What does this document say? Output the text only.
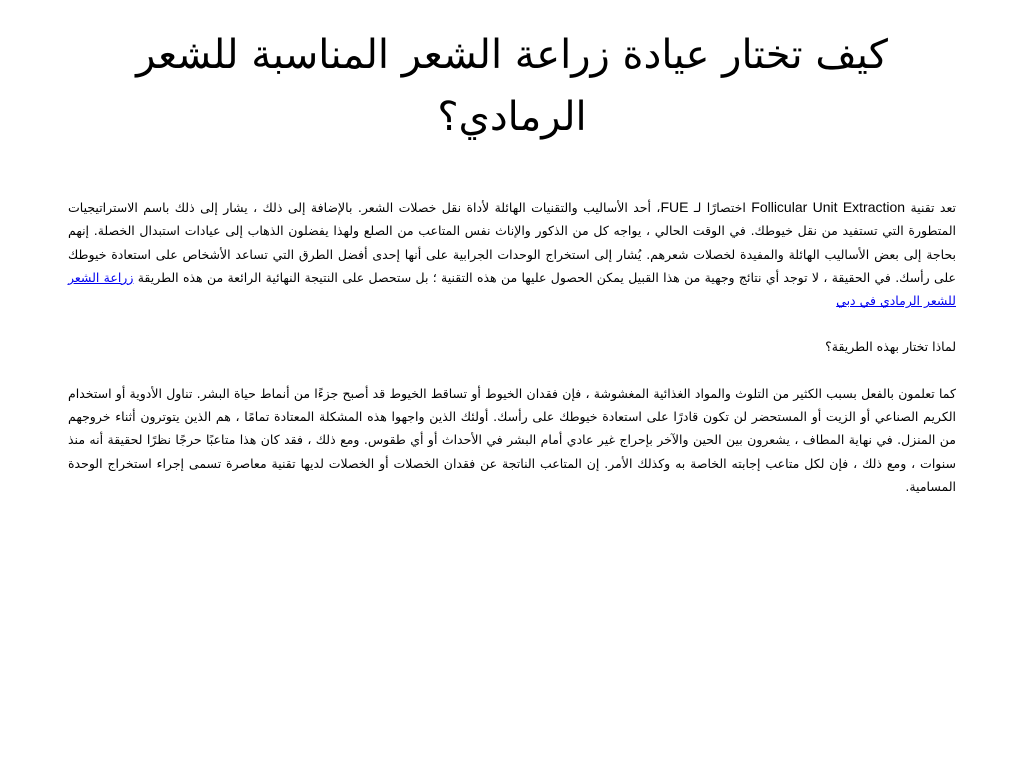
كيف تختار عيادة زراعة الشعر المناسبة للشعر
الرمادي؟

تعد تقنية Follicular Unit Extraction اختصارًا لـ FUE، أحد الأساليب والتقنيات الهائلة لأداة نقل خصلات الشعر. بالإضافة إلى ذلك ، يشار إلى ذلك باسم الاستراتيجيات المتطورة التي تستفيد من نقل خيوطك. في الوقت الحالي ، يواجه كل من الذكور والإناث نفس المتاعب من الصلع ولهذا يفضلون الذهاب إلى عيادات استبدال الخصلة. إنهم بحاجة إلى بعض الأساليب الهائلة والمفيدة لخصلات شعرهم. يُشار إلى استخراج الوحدات الجرابية على أنها إحدى أفضل الطرق التي تساعد الأشخاص على استعادة خيوطك على رأسك. في الحقيقة ، لا توجد أي نتائج وجهية من هذا القبيل يمكن الحصول عليها من هذه التقنية ؛ بل ستحصل على النتيجة النهائية الرائعة من هذه الطريقة زراعة الشعر للشعر الرمادي في دبي

لماذا تختار بهذه الطريقة؟

كما تعلمون بالفعل بسبب الكثير من التلوث والمواد الغذائية المغشوشة ، فإن فقدان الخيوط أو تساقط الخيوط قد أصبح جزءًا من أنماط حياة البشر. تناول الأدوية أو استخدام الكريم الصناعي أو الزيت أو المستحضر لن تكون قادرًا على استعادة خيوطك على رأسك. أولئك الذين واجهوا هذه المشكلة المعتادة تمامًا ، هم الذين يتوترون أثناء خروجهم من المنزل. في نهاية المطاف ، يشعرون بين الحين والآخر بإحراج غير عادي أمام البشر في الأحداث أو أي طقوس. ومع ذلك ، فقد كان هذا متاعبًا حرجًا نظرًا لحقيقة أنه منذ سنوات ، ومع ذلك ، فإن لكل متاعب إجابته الخاصة به وكذلك الأمر. إن المتاعب الناتجة عن فقدان الخصلات أو الخصلات لديها تقنية معاصرة تسمى إجراء استخراج الوحدة المسامية.
